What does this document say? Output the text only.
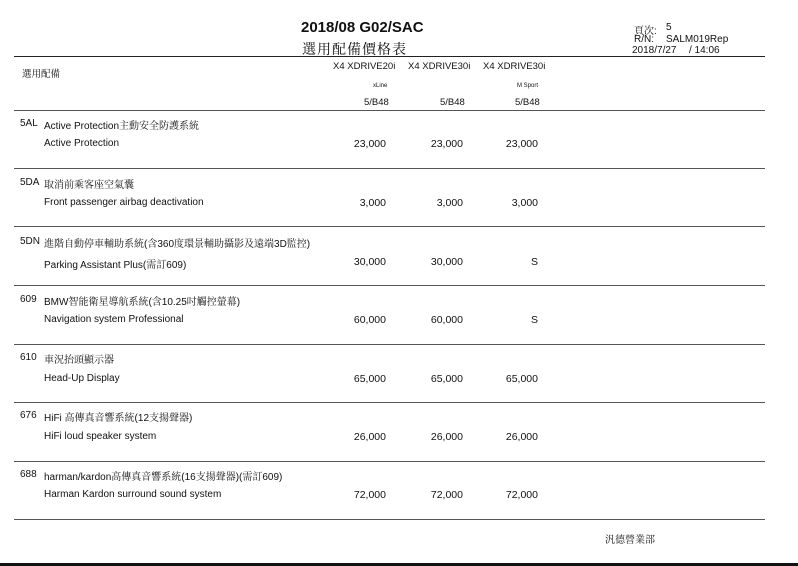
2018/08 G02/SAC
選用配備價格表
頁次: 5
R/N: SALM019Rep
2018/7/27 / 14:06
選用配備
X4 XDRIVE20i
xLine
5/B48
X4 XDRIVE30i
5/B48
X4 XDRIVE30i
M Sport
5/B48
5AL Active Protection主動安全防護系統
Active Protection	23,000	23,000	23,000
5DA 取消前乘客座空氣囊
Front passenger airbag deactivation	3,000	3,000	3,000
5DN 進階自動停車輔助系統(含360度環景輔助攝影及遠端3D監控)
Parking Assistant Plus(需訂609)	30,000	30,000	S
609 BMW智能衛星導航系統(含10.25吋觸控螢幕)
Navigation system Professional	60,000	60,000	S
610 車況抬頭顯示器
Head-Up Display	65,000	65,000	65,000
676 HiFi 高傳真音響系統(12支揚聲器)
HiFi loud speaker system	26,000	26,000	26,000
688 harman/kardon高傳真音響系統(16支揚聲器)(需訂609)
Harman Kardon surround sound system	72,000	72,000	72,000
汎德營業部
